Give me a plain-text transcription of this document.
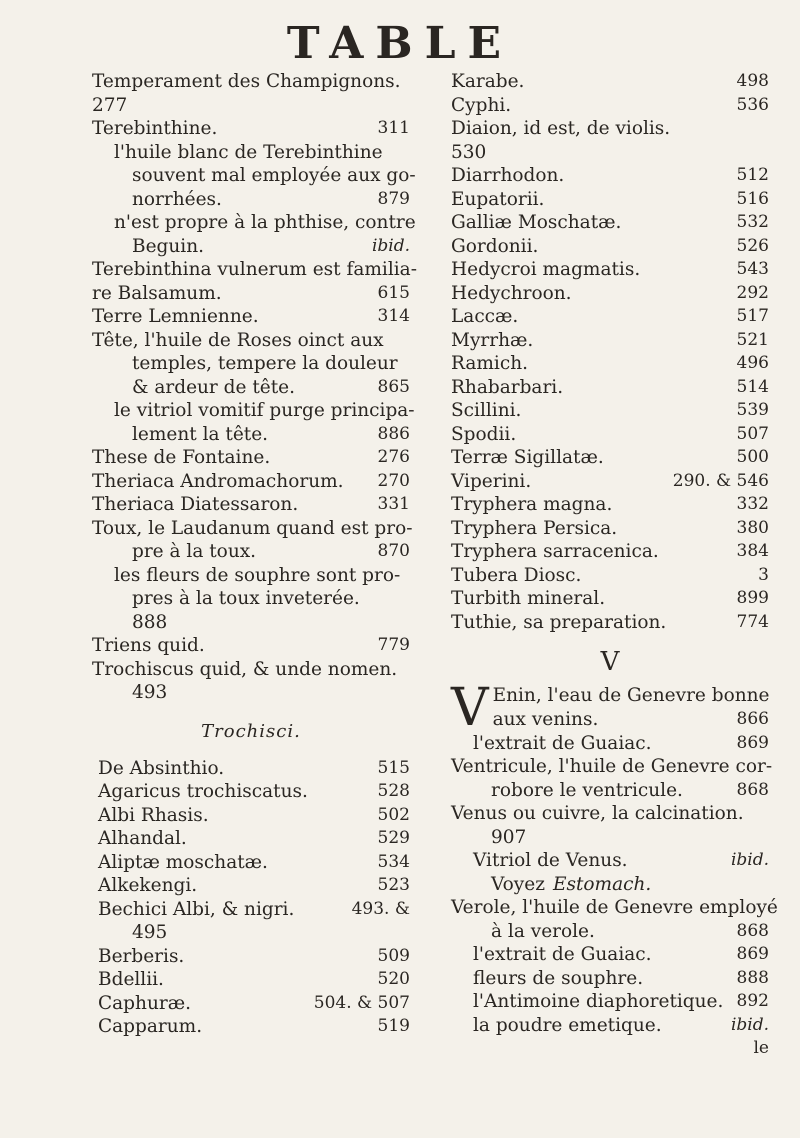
TABLE
Temperament des Champignons.
277
Terebinthine.	311
l'huile blanc de Terebinthine
souvent mal employée aux go-
norrhées.	879
n'est propre à la phthise, contre
Beguin.	ibid.
Terebinthina vulnerum est familia-
re Balsamum.	615
Terre Lemnienne.	314
Tête, l'huile de Roses oinct aux
temples, tempere la douleur
& ardeur de tête.	865
le vitriol vomitif purge principa-
lement la tête.	886
These de Fontaine.	276
Theriaca Andromachorum. 270
Theriaca Diatessaron.	331
Toux, le Laudanum quand est pro-
pre à la toux.	870
les fleurs de souphre sont pro-
pres à la toux inveterée.
888
Triens quid.	779
Trochiscus quid, & unde nomen.
493
Trochisci.
De Absinthio.	515
Agaricus trochiscatus.	528
Albi Rhasis.	502
Alhandal.	529
Aliptæ moschatæ.	534
Alkekengi.	523
Bechici Albi, & nigri.	493. &
495
Berberis.	509
Bdellii.	520
Caphuræ.	504. & 507
Capparum.	519
Karabe.	498
Cyphi.	536
Diaion, id est, de violis.
530
Diarrhodon.	512
Eupatorii.	516
Galliæ Moschatæ.	532
Gordonii.	526
Hedycroi magmatis.	543
Hedychroon.	292
Laccæ.	517
Myrrhæ.	521
Ramich.	496
Rhabarbari.	514
Scillini.	539
Spodii.	507
Terræ Sigillatæ.	500
Viperini.	290. & 546
Tryphera magna.	332
Tryphera Persica.	380
Tryphera sarracenica.	384
Tubera Diosc.	3
Turbith mineral.	899
Tuthie, sa preparation.	774
V
V Enin, l'eau de Genevre bonne
aux venins.	866
l'extrait de Guaiac.	869
Ventricule, l'huile de Genevre cor-
robore le ventricule.	868
Venus ou cuivre, la calcination.
907
Vitriol de Venus.	ibid.
Voyez Estomach.
Verole, l'huile de Genevre employé
à la verole.	868
l'extrait de Guaiac.	869
fleurs de souphre.	888
l'Antimoine diaphoretique. 892
la poudre emetique.	ibid.
le
